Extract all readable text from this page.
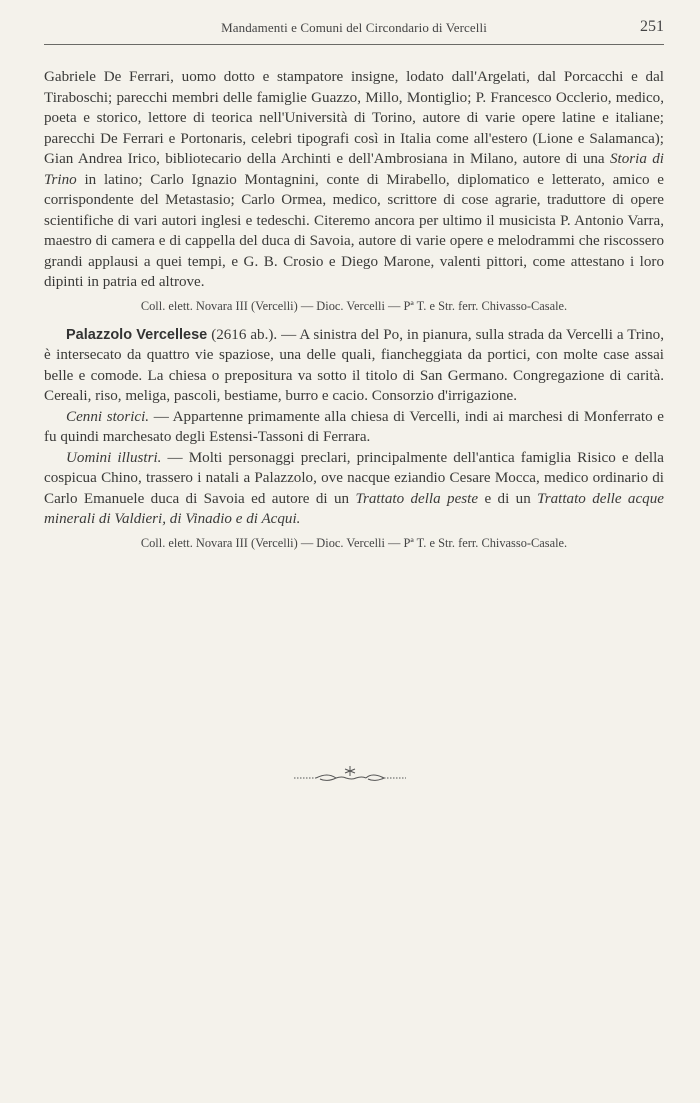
Mandamenti e Comuni del Circondario di Vercelli	251

Gabriele De Ferrari, uomo dotto e stampatore insigne, lodato dall'Argelati, dal Porcacchi e dal Tiraboschi; parecchi membri delle famiglie Guazzo, Millo, Montiglio; P. Francesco Occlerio, medico, poeta e storico, lettore di teorica nell'Università di Torino, autore di varie opere latine e italiane; parecchi De Ferrari e Portonaris, celebri tipografi così in Italia come all'estero (Lione e Salamanca); Gian Andrea Irico, bibliotecario della Archinti e dell'Ambrosiana in Milano, autore di una Storia di Trino in latino; Carlo Ignazio Montagnini, conte di Mirabello, diplomatico e letterato, amico e corrispondente del Metastasio; Carlo Ormea, medico, scrittore di cose agrarie, traduttore di opere scientifiche di vari autori inglesi e tedeschi. Citeremo ancora per ultimo il musicista P. Antonio Varra, maestro di camera e di cappella del duca di Savoia, autore di varie opere e melodrammi che riscossero grandi applausi a quei tempi, e G. B. Crosio e Diego Marone, valenti pittori, come attestano i loro dipinti in patria ed altrove.

Coll. elett. Novara III (Vercelli) — Dioc. Vercelli — Pª T. e Str. ferr. Chivasso-Casale.

Palazzolo Vercellese (2616 ab.). — A sinistra del Po, in pianura, sulla strada da Vercelli a Trino, è intersecato da quattro vie spaziose, una delle quali, fiancheggiata da portici, con molte case assai belle e comode. La chiesa o prepositura va sotto il titolo di San Germano. Congregazione di carità. Cereali, riso, meliga, pascoli, bestiame, burro e cacio. Consorzio d'irrigazione.

Cenni storici. — Appartenne primamente alla chiesa di Vercelli, indi ai marchesi di Monferrato e fu quindi marchesato degli Estensi-Tassoni di Ferrara.

Uomini illustri. — Molti personaggi preclari, principalmente dell'antica famiglia Risico e della cospicua Chino, trassero i natali a Palazzolo, ove nacque eziandio Cesare Mocca, medico ordinario di Carlo Emanuele duca di Savoia ed autore di un Trattato della peste e di un Trattato delle acque minerali di Valdieri, di Vinadio e di Acqui.

Coll. elett. Novara III (Vercelli) — Dioc. Vercelli — Pª T. e Str. ferr. Chivasso-Casale.
